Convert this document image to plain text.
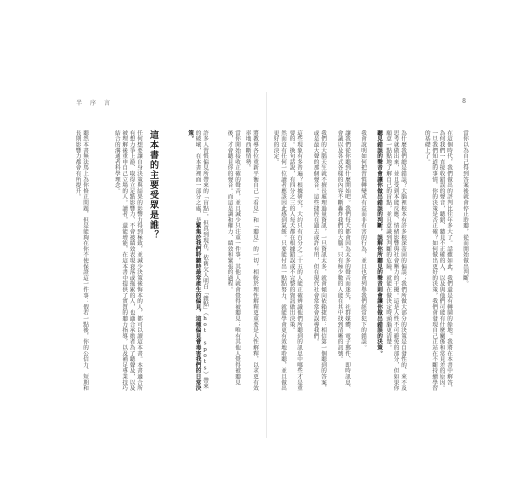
半　序　言
將教導各位重新平衡自己「看見」和「聽見」的一切，相較於理性解釋更重要是人性解釋，以求更有效率地西斷情勢。
當你開始接收正確的聲音，並且減少只注重一件事，其他人就會覺得被聽見；唯有其他人覺得被聽見後，才會聽見你的聲音。而這是調和權力、績效和緊張的過程。
許多人習慣偏見所帶來的「盲點」，但真到現在，依舊欠人明白「雜點」（hot spots）帶來的破壞，在本書裡面一部分之處，是緊集於我們聆聽時最常產生的偏見，這種偏見會毒害我們的日常決策。
這本書的主要受眾是誰？
任何想要讓自身決策與結果的影響力得到極致，並減少決策後悔本的人，都可以讀這本書。本書適合所有想力爭上游、取得立足點影響力、不會被績效表現衰落或拖累的人，也適合承擔者為了聽聲及，以及被理解後重申自己立場的人。讀者，還能增能，在這本書中提供了實質的聽力指導，以及補足專業技巧結合的溝通者科學理念。
聽然本書無法馬上為你修正問題，但是能夠在你不使保證這一件事：假若一點後，你的公信力、短期和長期影響力都會有所提升。
8
當你以為自己得到答案後就會停止聆聽，從而開始做出判斷。
在這個時代，我們做出的評判比往年多大了。話雖如此，我們還是有轉圜的餘地。我將在本書中解答，為何我們一直接收錯誤的聲音，聽錯、聽見不正確的人，以及與他們可能有什麼關係和常見差的原因。一旦我們知道的事情，你的決策是否正確？如何做出更好的決策，我們會發現自己正站在不斷持續學習的基礎上了。
為什麼我們總是錯誤？大腦裡根本有許多根深蒂固的偏誤；我們所做大部分的決策是自發性的、來不及思考就做出來，並且受到本能反應、情緒影響與社會壓力的干擾。這是人性不可避免的部分，但如果你願意一點點地了解自己的盲點，並且意識到判斷的危險，就能在做決定時頭腦更清楚。
聽見錯誤的聲音會讓你做出錯誤的判斷，誤解你所聽見的聲音則會讓你做出錯誤的決策。
我會說明如何把習慣轉變成有益而非有害的行為，並且也會列舉我們經常犯下的錯誤。
讓我們從你聽到什麼開始吧。我們每天都會因為太多的聲音而迷失，社群媒體、電子郵件、即時訊息、會議以及各式各樣的內容不斷轟炸我們的大腦。只有極少數的人能在其中找到清晰的訊號。
我們的大腦天生就不擅長處理過量資訊，一旦資訊太多，就會傾向依賴捷徑：相信第一個聽到的答案，或是最大聲的那個聲音。這些捷徑在過去或許有用，但在現代社會常常會誤導我們。
這些現象有多普遍？根據研究，大約只有百分之二十五的人能正確辨識他們所聽到的訊息中哪些才是重要的。換句話說，有四分之三的人每天都在根據錯誤或不完整的資訊做出決策。
然而沒有任何一位讀者應該因此感到氣餒。只要能付出一點點努力，就能學會更有效地聆聽，並且做出更好的決定。
